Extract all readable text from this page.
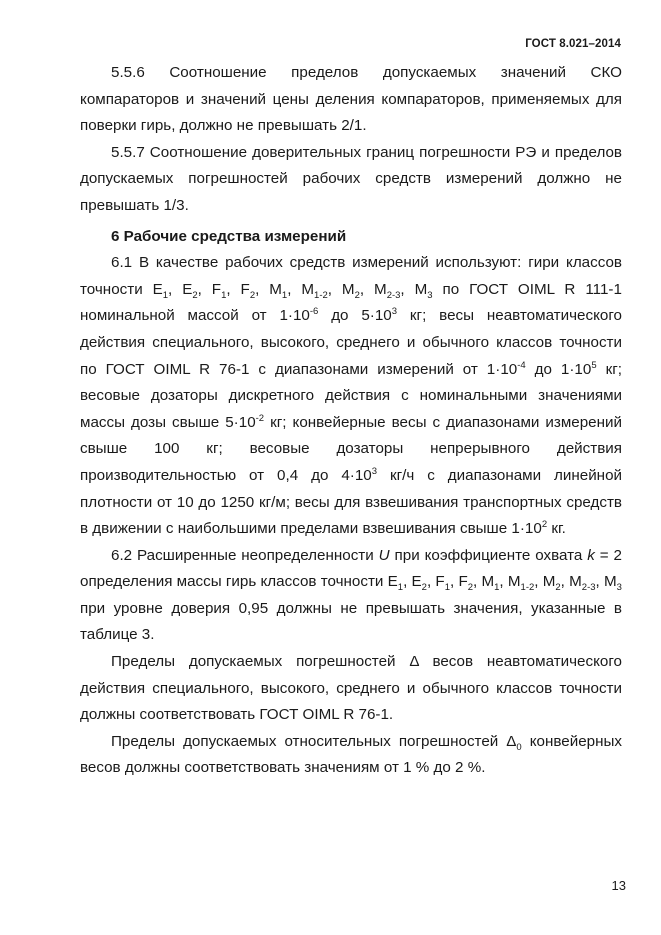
ГОСТ 8.021–2014

5.5.6 Соотношение пределов допускаемых значений СКО компараторов и значений цены деления компараторов, применяемых для поверки гирь, должно не превышать 2/1.

5.5.7 Соотношение доверительных границ погрешности РЭ и пределов допускаемых погрешностей рабочих средств измерений должно не превышать 1/3.

6 Рабочие средства измерений

6.1 В качестве рабочих средств измерений используют: гири классов точности $E_1$, $E_2$, $F_1$, $F_2$, $M_1$, $M_{1-2}$, $M_2$, $M_{2-3}$, $M_3$ по ГОСТ OIML R 111-1 номинальной массой от $1\cdot 10^{-6}$ до $5\cdot 10^3$ кг; весы неавтоматического действия специального, высокого, среднего и обычного классов точности по ГОСТ OIML R 76-1 с диапазонами измерений от $1\cdot 10^{-4}$ до $1\cdot 10^5$ кг; весовые дозаторы дискретного действия с номинальными значениями массы дозы свыше $5\cdot 10^{-2}$ кг; конвейерные весы с диапазонами измерений свыше 100 кг; весовые дозаторы непрерывного действия производительностью от 0,4 до $4\cdot 10^3$ кг/ч с диапазонами линейной плотности от 10 до 1250 кг/м; весы для взвешивания транспортных средств в движении с наибольшими пределами взвешивания свыше $1\cdot 10^2$ кг.

6.2 Расширенные неопределенности U при коэффициенте охвата k = 2 определения массы гирь классов точности $E_1$, $E_2$, $F_1$, $F_2$, $M_1$, $M_{1-2}$, $M_2$, $M_{2-3}$, $M_3$ при уровне доверия 0,95 должны не превышать значения, указанные в таблице 3.

Пределы допускаемых погрешностей Δ весов неавтоматического действия специального, высокого, среднего и обычного классов точности должны соответствовать ГОСТ OIML R 76-1.

Пределы допускаемых относительных погрешностей $\Delta_0$ конвейерных весов должны соответствовать значениям от 1 % до 2 %.

13
